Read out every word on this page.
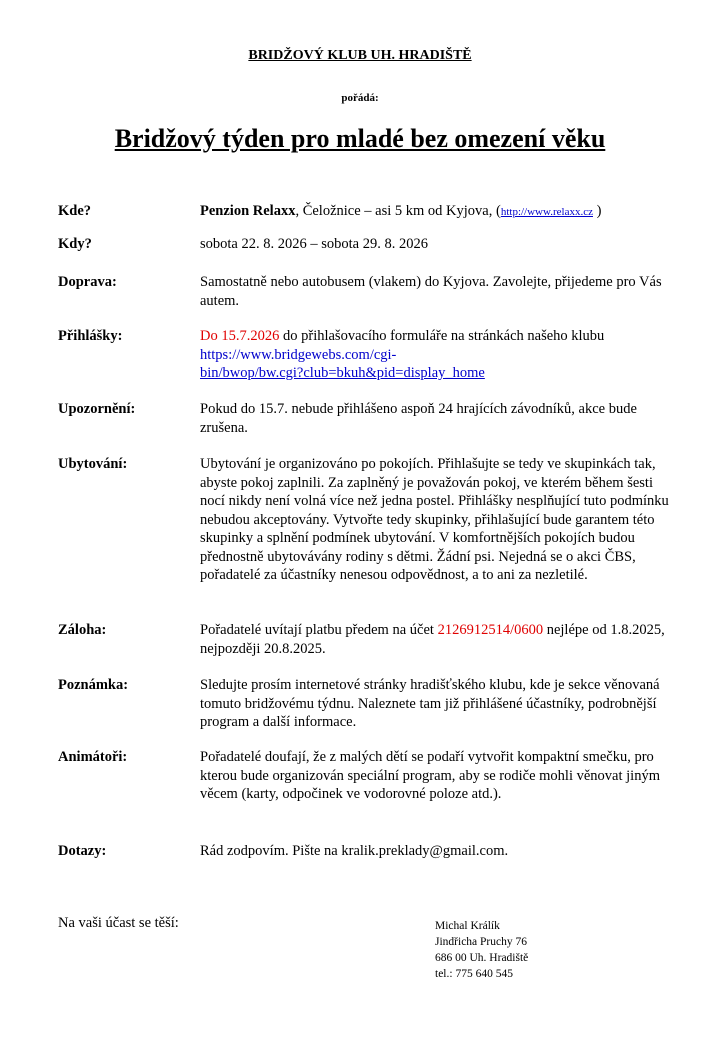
BRIDŽOVÝ KLUB UH. HRADIŠTĚ
pořádá:
Bridžový týden pro mladé bez omezení věku
Kde?	Penzion Relaxx, Čeložnice – asi 5 km od Kyjova, (http://www.relaxx.cz )
Kdy?	sobota 22. 8. 2026 – sobota 29. 8. 2026
Doprava:	Samostatně nebo autobusem (vlakem) do Kyjova. Zavolejte, přijedeme pro Vás autem.
Přihlášky:	Do 15.7.2026 do přihlašovacího formuláře na stránkách našeho klubu
https://www.bridgewebs.com/cgi-
bin/bwop/bw.cgi?club=bkuh&pid=display_home
Upozornění:	Pokud do 15.7. nebude přihlášeno aspoň 24 hrajících závodníků, akce bude zrušena.
Ubytování:	Ubytování je organizováno po pokojích. Přihlašujte se tedy ve skupinkách tak, abyste pokoj zaplnili. Za zaplněný je považován pokoj, ve kterém během šesti nocí nikdy není volná více než jedna postel. Přihlášky nesplňující tuto podmínku nebudou akceptovány. Vytvořte tedy skupinky, přihlašující bude garantem této skupinky a splnění podmínek ubytování. V komfortnějších pokojích budou přednostně ubytovávány rodiny s dětmi. Žádní psi. Nejedná se o akci ČBS, pořadatelé za účastníky nenesou odpovědnost, a to ani za nezletilé.
Záloha:	Pořadatelé uvítají platbu předem na účet 2126912514/0600 nejlépe od 1.8.2025, nejpozději 20.8.2025.
Poznámka:	Sledujte prosím internetové stránky hradišťského klubu, kde je sekce věnovaná tomuto bridžovému týdnu. Naleznete tam již přihlášené účastníky, podrobnější program a další informace.
Animátoři:	Pořadatelé doufají, že z malých dětí se podaří vytvořit kompaktní smečku, pro kterou bude organizován speciální program, aby se rodiče mohli věnovat jiným věcem (karty, odpočinek ve vodorovné poloze atd.).
Dotazy:	Rád zodpovím. Pište na kralik.preklady@gmail.com.
Na vaši účast se těší:	Michal Králík
Jindřicha Pruchy 76
686 00 Uh. Hradiště
tel.: 775 640 545
